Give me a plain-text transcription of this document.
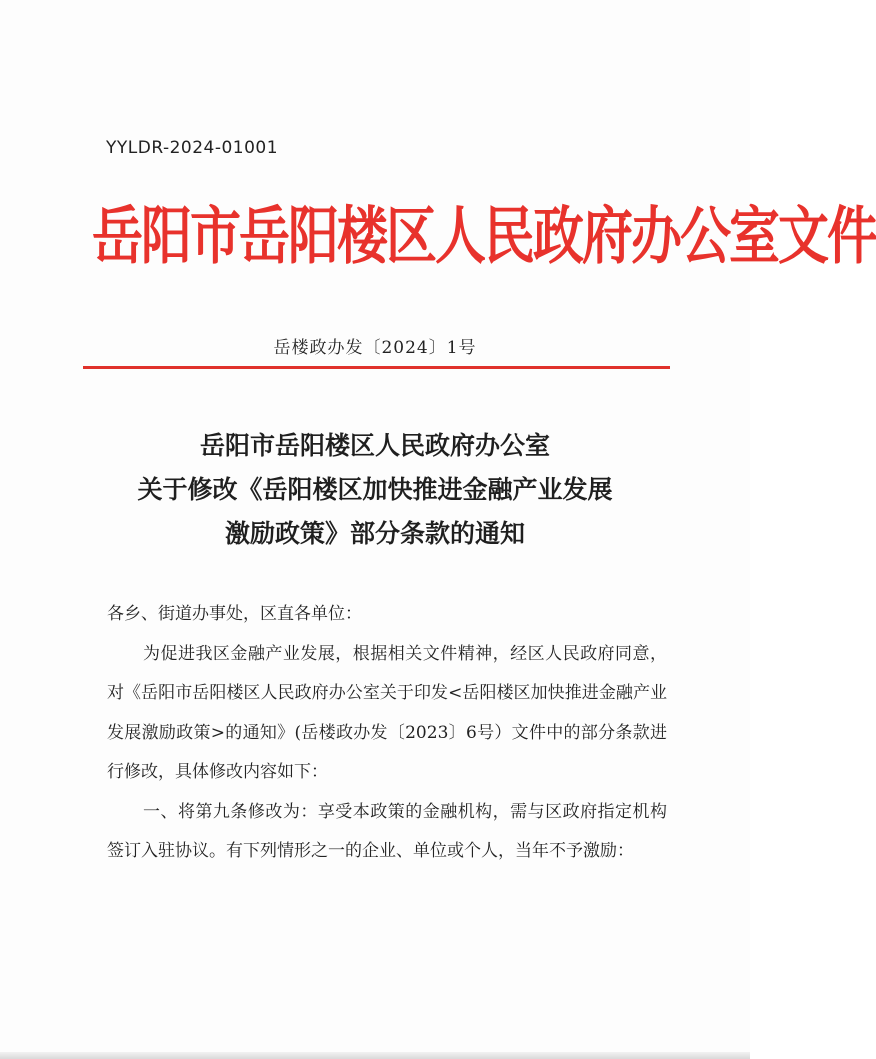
YYLDR-2024-01001
岳阳市岳阳楼区人民政府办公室文件
岳楼政办发〔2024〕1号
岳阳市岳阳楼区人民政府办公室
关于修改《岳阳楼区加快推进金融产业发展
激励政策》部分条款的通知

各乡、街道办事处，区直各单位：

为促进我区金融产业发展，根据相关文件精神，经区人民政府同意，对《岳阳市岳阳楼区人民政府办公室关于印发<岳阳楼区加快推进金融产业发展激励政策>的通知》(岳楼政办发〔2023〕6号）文件中的部分条款进行修改，具体修改内容如下：

一、将第九条修改为：享受本政策的金融机构，需与区政府指定机构签订入驻协议。有下列情形之一的企业、单位或个人，当年不予激励：
